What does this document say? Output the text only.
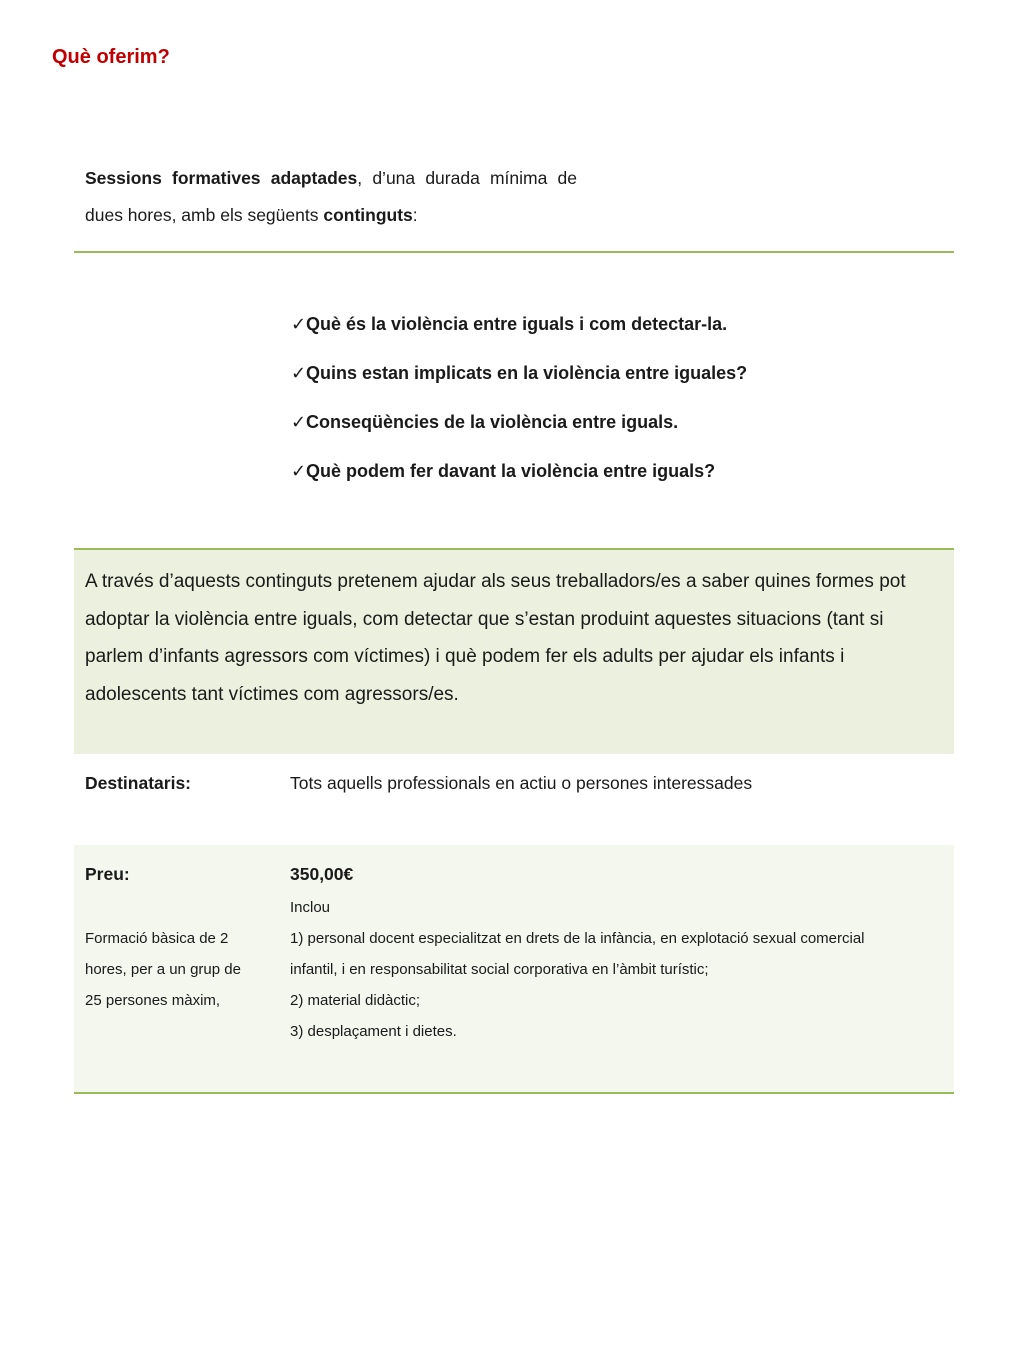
Què oferim?
Sessions formatives adaptades, d’una durada mínima de dues hores, amb els següents continguts:
✓Què és la violència entre iguals i com detectar-la.
✓Quins estan implicats en la violència entre iguales?
✓Conseqüències de la violència entre iguals.
✓Què podem fer davant la violència entre iguals?

A través d’aquests continguts pretenem ajudar als seus treballadors/es a saber quines formes pot adoptar la violència entre iguals, com detectar que s’estan produint aquestes situacions (tant si parlem d’infants agressors com víctimes) i què podem fer els adults per ajudar els infants i adolescents tant víctimes com agressors/es.

Destinataris:	Tots aquells professionals en actiu o persones interessades
Preu:
Formació bàsica de 2
hores, per a un grup de
25 persones màxim,
350,00€
Inclou
1) personal docent especialitzat en drets de la infància, en explotació sexual comercial
infantil, i en responsabilitat social corporativa en l’àmbit turístic;
2) material didàctic;
3) desplaçament i dietes.
